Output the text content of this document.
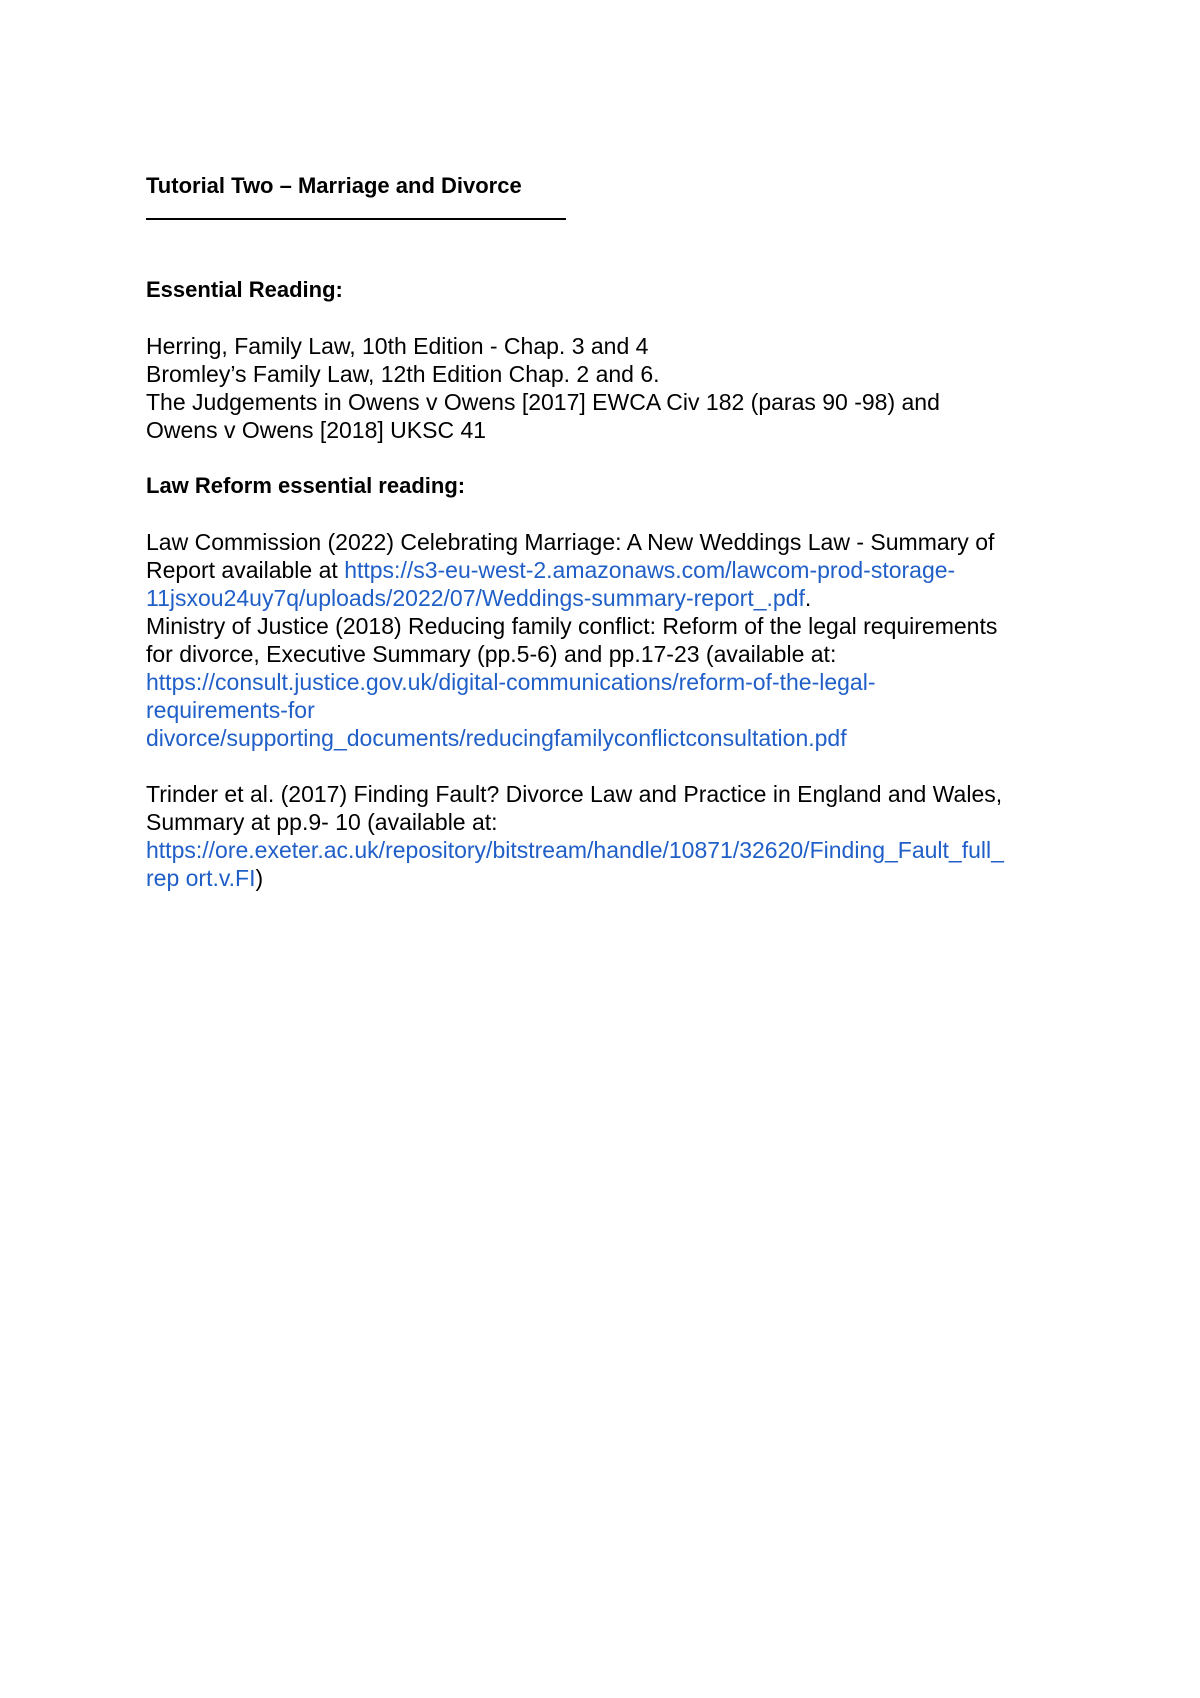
Tutorial Two – Marriage and Divorce

Essential Reading:

Herring, Family Law, 10th Edition - Chap. 3 and 4
Bromley’s Family Law, 12th Edition Chap. 2 and 6.
The Judgements in Owens v Owens [2017] EWCA Civ 182 (paras 90 -98) and
Owens v Owens [2018] UKSC 41

Law Reform essential reading:

Law Commission (2022) Celebrating Marriage: A New Weddings Law - Summary of
Report available at https://s3-eu-west-2.amazonaws.com/lawcom-prod-storage-
11jsxou24uy7q/uploads/2022/07/Weddings-summary-report_.pdf.
Ministry of Justice (2018) Reducing family conflict: Reform of the legal requirements
for divorce, Executive Summary (pp.5-6) and pp.17-23 (available at:
https://consult.justice.gov.uk/digital-communications/reform-of-the-legal-
requirements-for
divorce/supporting_documents/reducingfamilyconflictconsultation.pdf
Trinder et al. (2017) Finding Fault? Divorce Law and Practice in England and Wales,
Summary at pp.9- 10 (available at:
https://ore.exeter.ac.uk/repository/bitstream/handle/10871/32620/Finding_Fault_full_
rep ort.v.FI)
